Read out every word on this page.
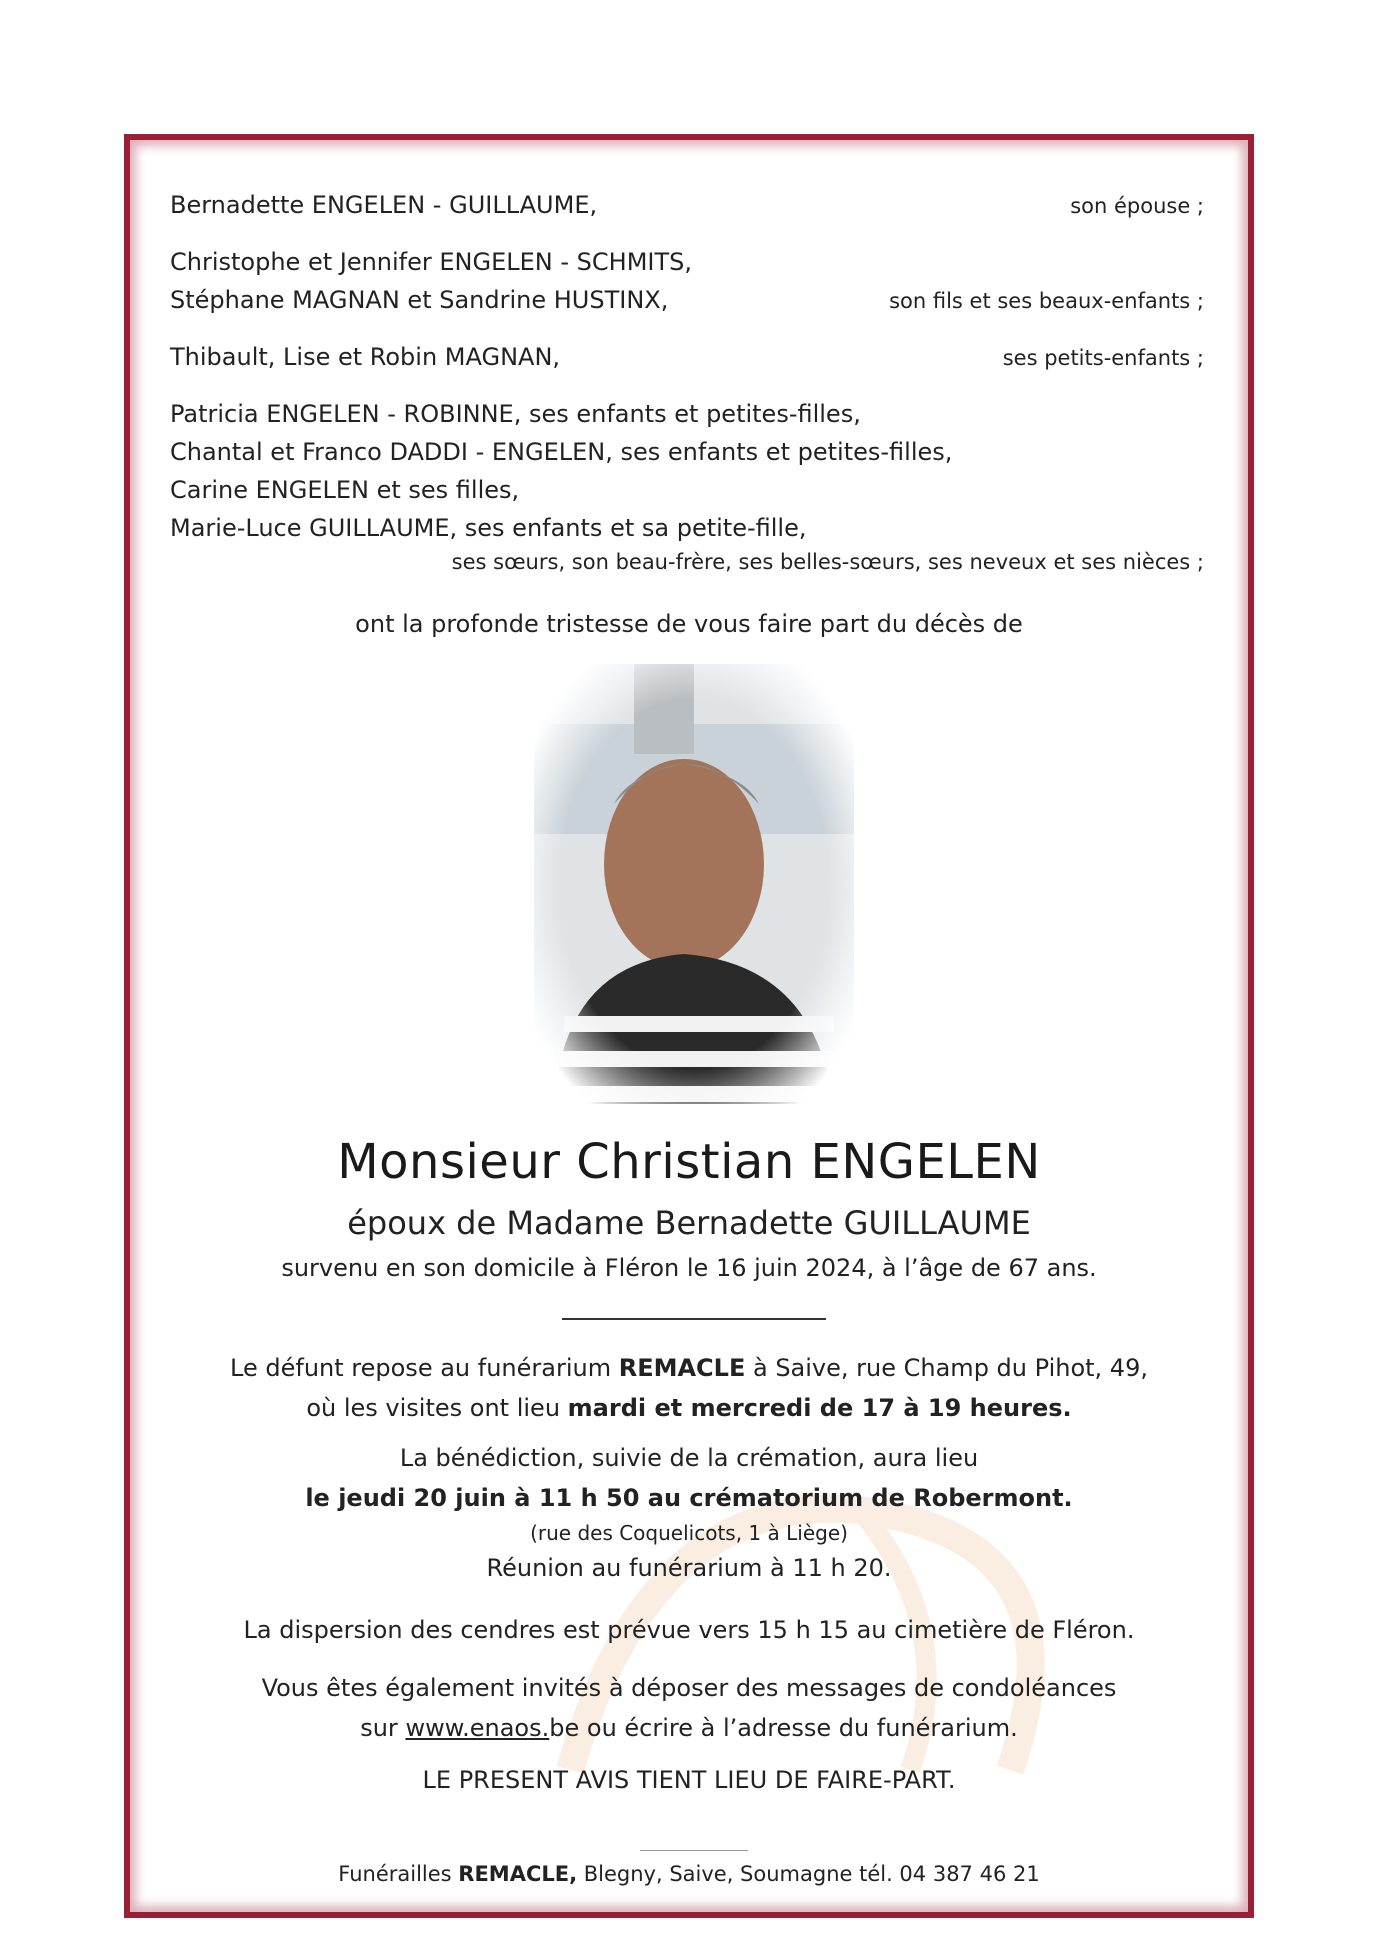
Bernadette ENGELEN - GUILLAUME,	son épouse ;
Christophe et Jennifer ENGELEN - SCHMITS,
Stéphane MAGNAN et Sandrine HUSTINX,	son fils et ses beaux-enfants ;
Thibault, Lise et Robin MAGNAN,	ses petits-enfants ;
Patricia ENGELEN - ROBINNE, ses enfants et petites-filles,
Chantal et Franco DADDI - ENGELEN, ses enfants et petites-filles,
Carine ENGELEN et ses filles,
Marie-Luce GUILLAUME, ses enfants et sa petite-fille,
ses sœurs, son beau-frère, ses belles-sœurs, ses neveux et ses nièces ;
ont la profonde tristesse de vous faire part du décès de
Monsieur Christian ENGELEN
époux de Madame Bernadette GUILLAUME
survenu en son domicile à Fléron le 16 juin 2024, à l’âge de 67 ans.
Le défunt repose au funérarium REMACLE à Saive, rue Champ du Pihot, 49,
où les visites ont lieu mardi et mercredi de 17 à 19 heures.
La bénédiction, suivie de la crémation, aura lieu
le jeudi 20 juin à 11 h 50 au crématorium de Robermont.
(rue des Coquelicots, 1 à Liège)
Réunion au funérarium à 11 h 20.
La dispersion des cendres est prévue vers 15 h 15 au cimetière de Fléron.
Vous êtes également invités à déposer des messages de condoléances
sur www.enaos.be ou écrire à l’adresse du funérarium.
LE PRESENT AVIS TIENT LIEU DE FAIRE-PART.
Funérailles REMACLE, Blegny, Saive, Soumagne tél. 04 387 46 21
